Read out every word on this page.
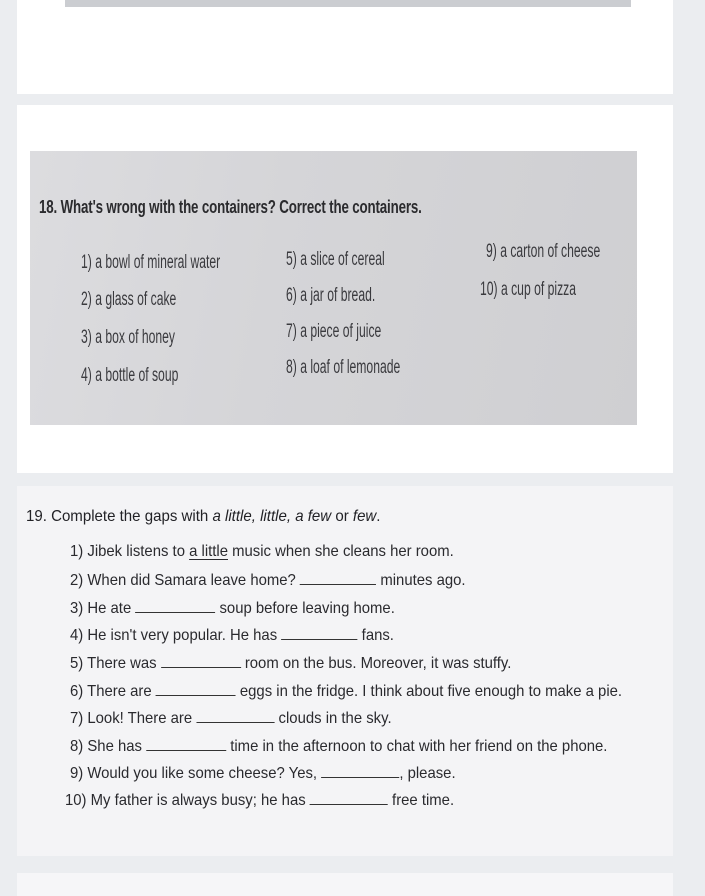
18. What's wrong with the containers? Correct the containers.
1) a bowl of mineral water
2) a glass of cake
3) a box of honey
4) a bottle of soup
5) a slice of cereal
6) a jar of bread.
7) a piece of juice
8) a loaf of lemonade
9) a carton of cheese
10) a cup of pizza
19. Complete the gaps with a little, little, a few or few.
1) Jibek listens to a little music when she cleans her room.
2) When did Samara leave home?	minutes ago.
3) He ate	soup before leaving home.
4) He isn't very popular. He has	fans.
5) There was	room on the bus. Moreover, it was stuffy.
6) There are	eggs in the fridge. I think about five enough to make a pie.
7) Look! There are	clouds in the sky.
8) She has	time in the afternoon to chat with her friend on the phone.
9) Would you like some cheese? Yes,	, please.
10) My father is always busy; he has	free time.
